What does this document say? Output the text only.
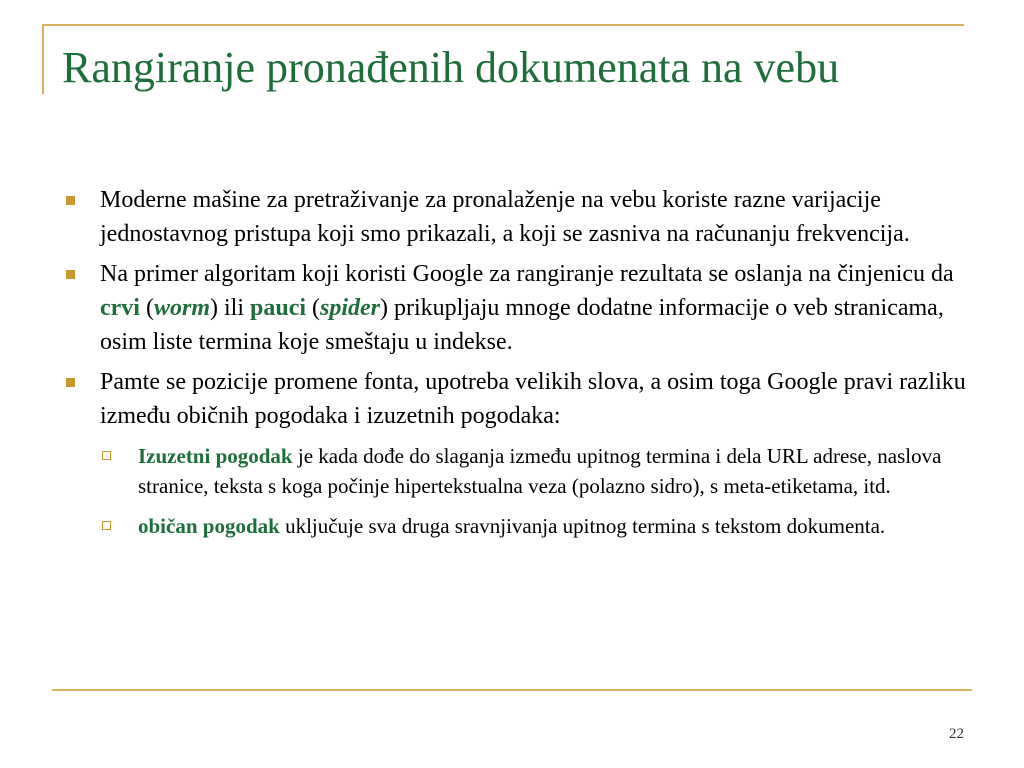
Rangiranje pronađenih dokumenata na vebu
Moderne mašine za pretraživanje za pronalaženje na vebu koriste razne varijacije jednostavnog pristupa koji smo prikazali, a koji se zasniva na računanju frekvencija.
Na primer algoritam koji koristi Google za rangiranje rezultata se oslanja na činjenicu da crvi (worm) ili pauci (spider) prikupljaju mnoge dodatne informacije o veb stranicama, osim liste termina koje smeštaju u indekse.
Pamte se pozicije promene fonta, upotreba velikih slova, a osim toga Google pravi razliku između običnih pogodaka i izuzetnih pogodaka:
Izuzetni pogodak je kada dođe do slaganja između upitnog termina i dela URL adrese, naslova stranice, teksta s koga počinje hipertekstualna veza (polazno sidro), s meta-etiketama, itd.
običan pogodak uključuje sva druga sravnjivanja upitnog termina s tekstom dokumenta.
22
